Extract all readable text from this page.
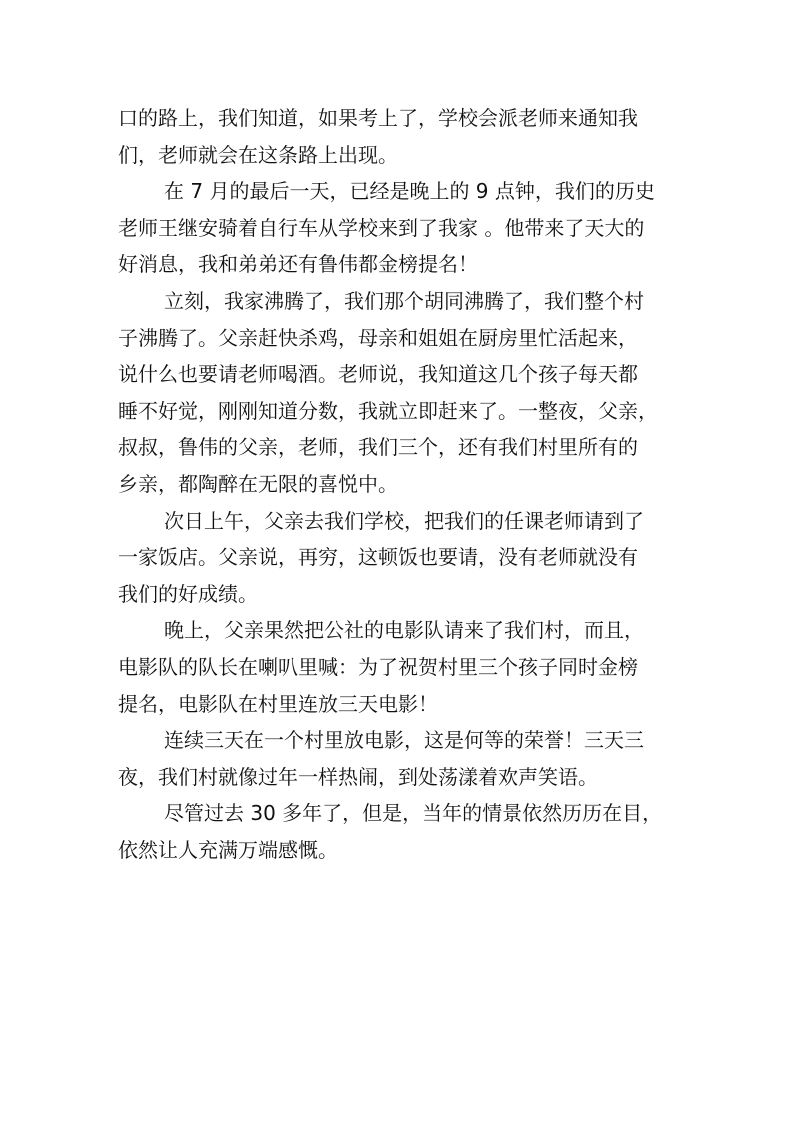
口的路上，我们知道，如果考上了，学校会派老师来通知我
们，老师就会在这条路上出现。
在 7 月的最后一天，已经是晚上的 9 点钟，我们的历史
老师王继安骑着自行车从学校来到了我家 。他带来了天大的
好消息，我和弟弟还有鲁伟都金榜提名！
立刻，我家沸腾了，我们那个胡同沸腾了，我们整个村
子沸腾了。父亲赶快杀鸡，母亲和姐姐在厨房里忙活起来，
说什么也要请老师喝酒。老师说，我知道这几个孩子每天都
睡不好觉，刚刚知道分数，我就立即赶来了。一整夜，父亲，
叔叔，鲁伟的父亲，老师，我们三个，还有我们村里所有的
乡亲，都陶醉在无限的喜悦中。
次日上午，父亲去我们学校，把我们的任课老师请到了
一家饭店。父亲说，再穷，这顿饭也要请，没有老师就没有
我们的好成绩。
晚上，父亲果然把公社的电影队请来了我们村，而且，
电影队的队长在喇叭里喊：为了祝贺村里三个孩子同时金榜
提名，电影队在村里连放三天电影！
连续三天在一个村里放电影，这是何等的荣誉！三天三
夜，我们村就像过年一样热闹，到处荡漾着欢声笑语。
尽管过去 30 多年了，但是，当年的情景依然历历在目，
依然让人充满万端感慨。
